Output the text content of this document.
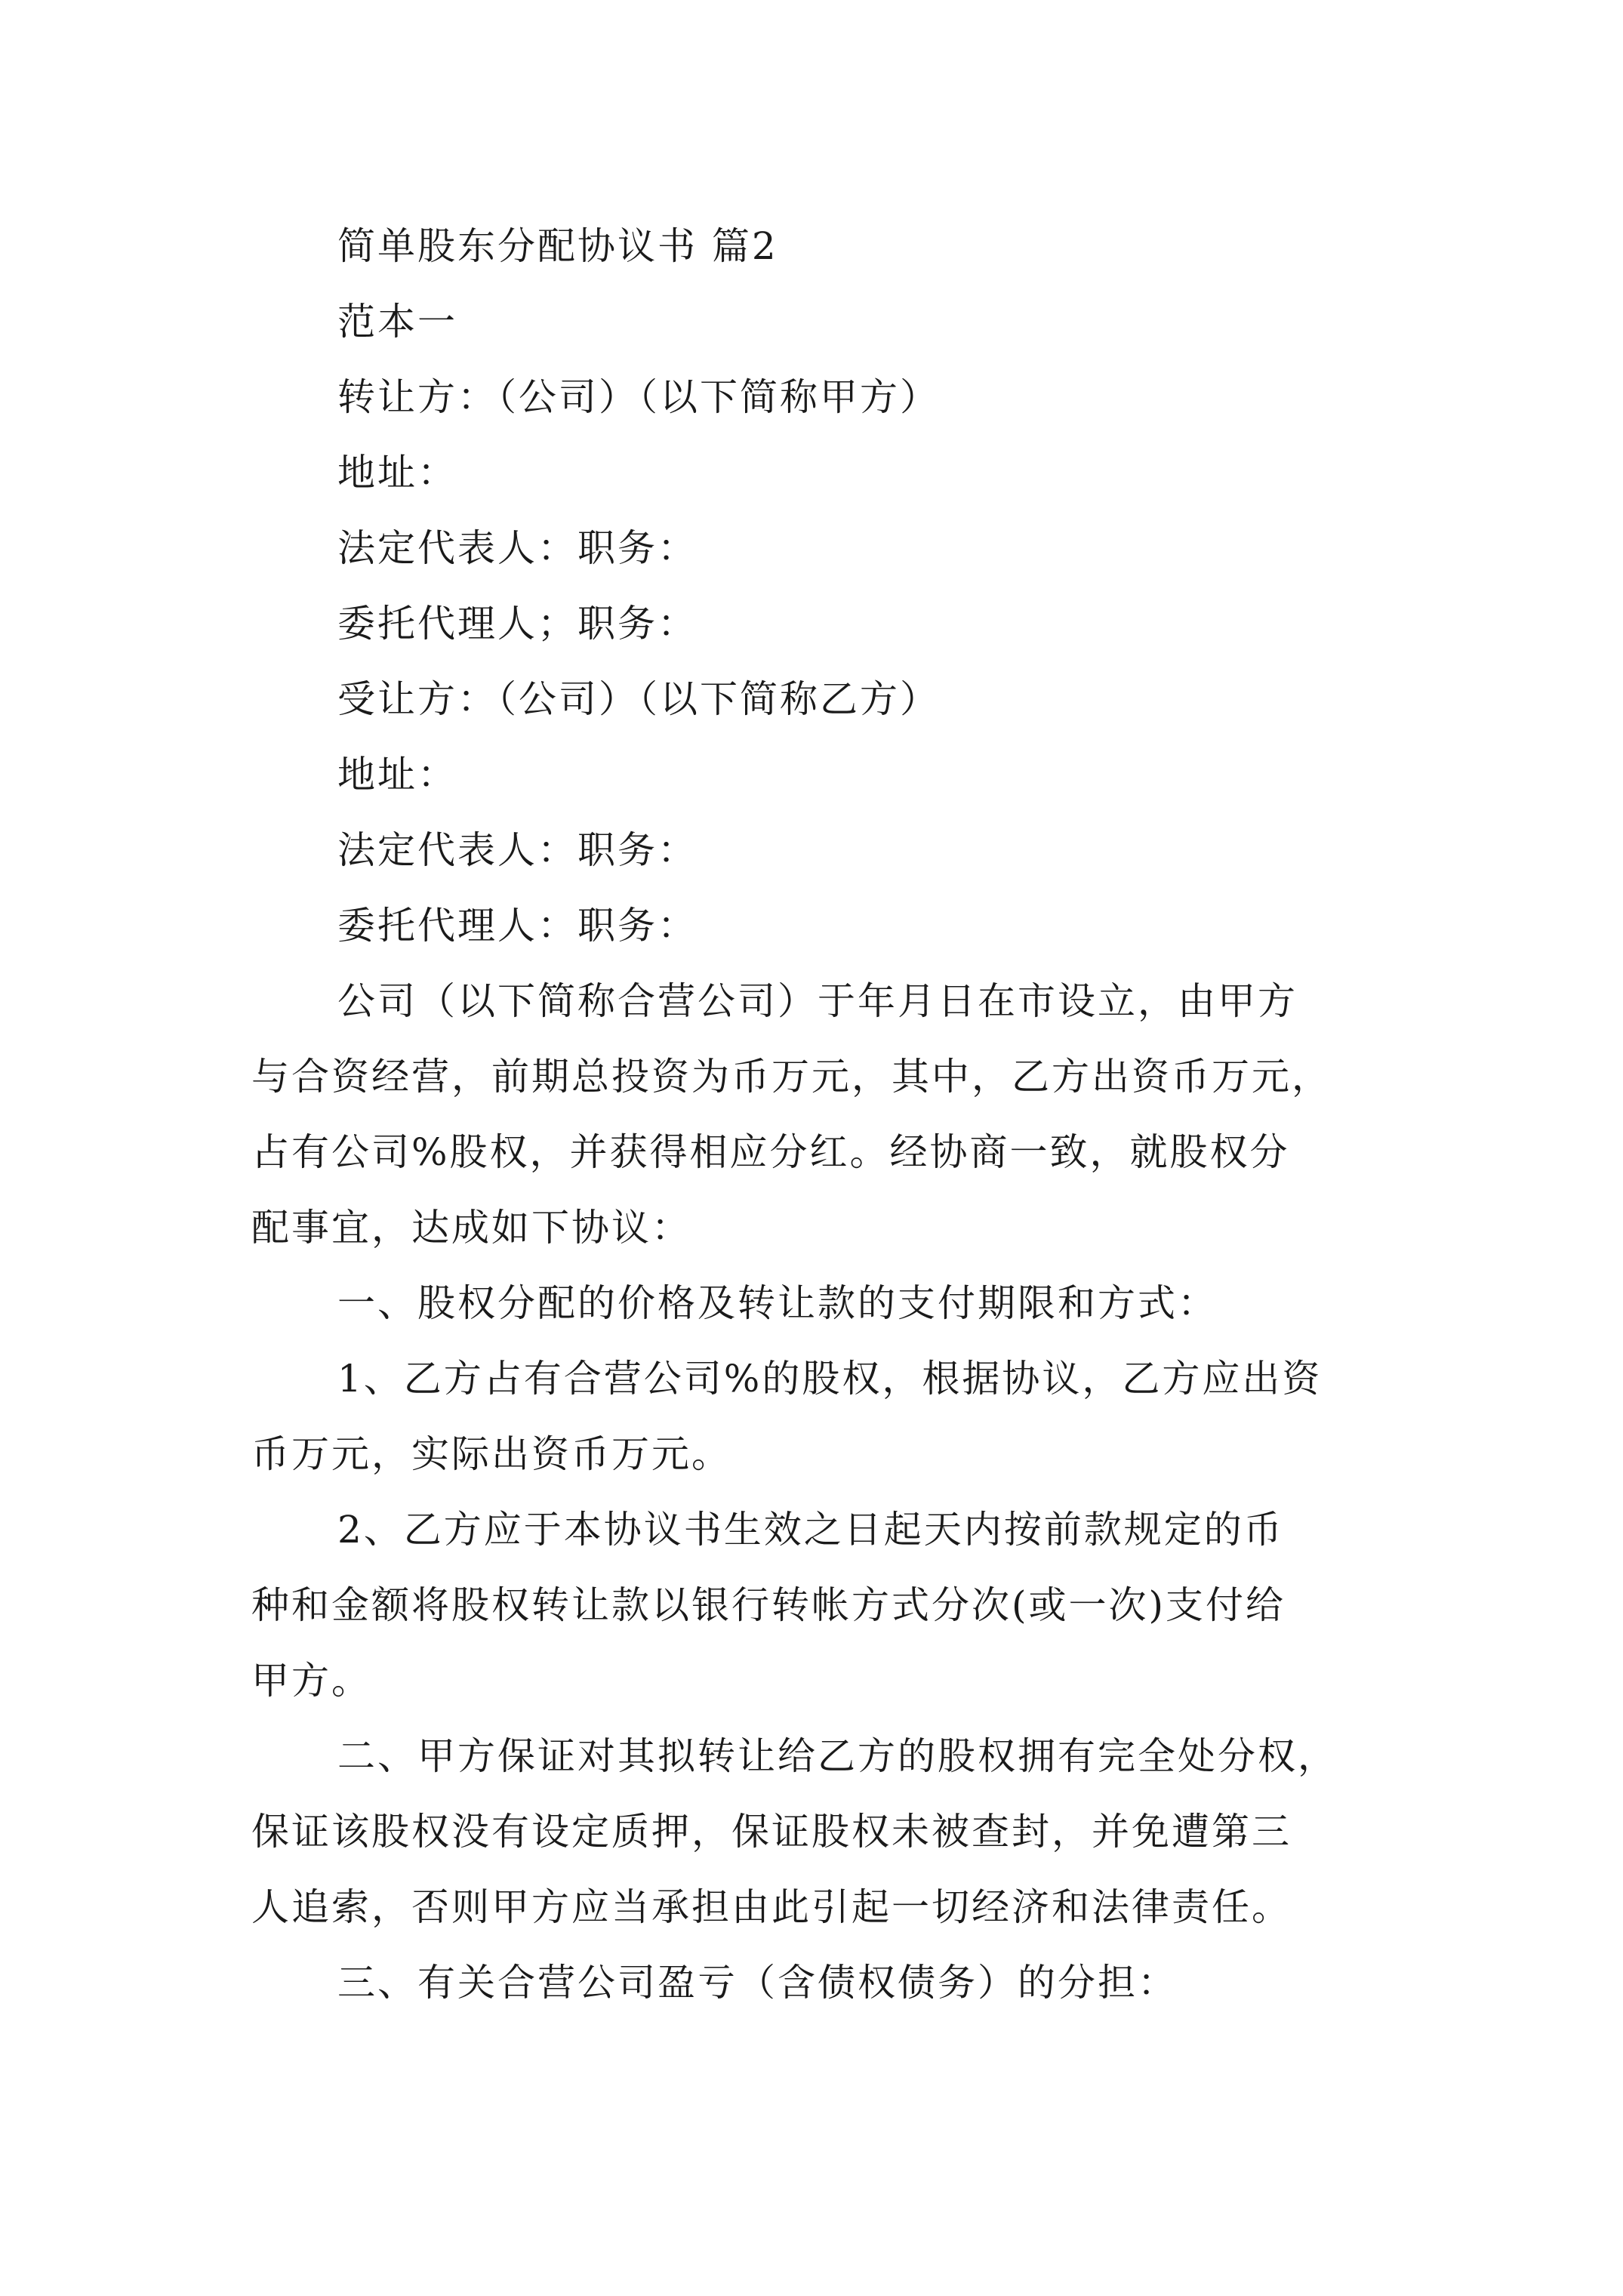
简单股东分配协议书 篇2
范本一
转让方：（公司）（以下简称甲方）
地址：
法定代表人：职务：
委托代理人；职务：
受让方：（公司）（以下简称乙方）
地址：
法定代表人：职务：
委托代理人：职务：
公司（以下简称合营公司）于年月日在市设立，由甲方
与合资经营，前期总投资为币万元，其中，乙方出资币万元，
占有公司%股权，并获得相应分红。经协商一致，就股权分
配事宜，达成如下协议：
一、股权分配的价格及转让款的支付期限和方式：
1、乙方占有合营公司%的股权，根据协议，乙方应出资
币万元，实际出资币万元。
2、乙方应于本协议书生效之日起天内按前款规定的币
种和金额将股权转让款以银行转帐方式分次(或一次)支付给
甲方。
二、甲方保证对其拟转让给乙方的股权拥有完全处分权，
保证该股权没有设定质押，保证股权未被查封，并免遭第三
人追索，否则甲方应当承担由此引起一切经济和法律责任。
三、有关合营公司盈亏（含债权债务）的分担：
